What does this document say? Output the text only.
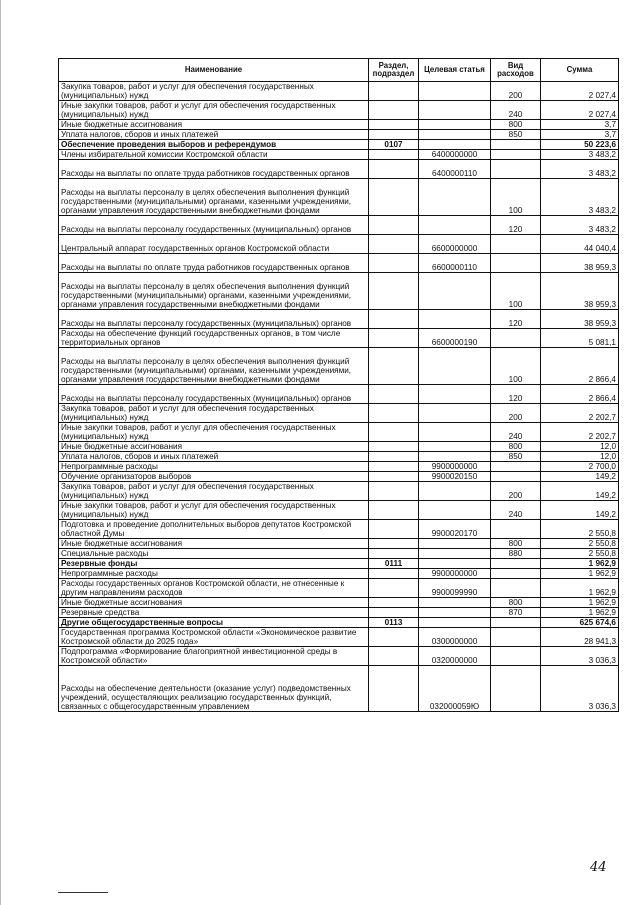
Наименование	Раздел, подраздел	Целевая статья	Вид расходов	Сумма
Закупка товаров, работ и услуг для обеспечения государственных (муниципальных) нужд			200	2 027,4
Иные закупки товаров, работ и услуг для обеспечения государственных (муниципальных) нужд			240	2 027,4
Иные бюджетные ассигнования			800	3,7
Уплата налогов, сборов и иных платежей			850	3,7
Обеспечение проведения выборов и референдумов	0107			50 223,6
Члены избирательной комиссии Костромской области		6400000000		3 483,2
Расходы на выплаты по оплате труда работников государственных органов		6400000110		3 483,2
Расходы на выплаты персоналу в целях обеспечения выполнения функций государственными (муниципальными) органами, казенными учреждениями, органами управления государственными внебюджетными фондами			100	3 483,2
Расходы на выплаты персоналу государственных (муниципальных) органов			120	3 483,2
Центральный аппарат государственных органов Костромской области		6600000000		44 040,4
Расходы на выплаты по оплате труда работников государственных органов		6600000110		38 959,3
Расходы на выплаты персоналу в целях обеспечения выполнения функций государственными (муниципальными) органами, казенными учреждениями, органами управления государственными внебюджетными фондами			100	38 959,3
Расходы на выплаты персоналу государственных (муниципальных) органов			120	38 959,3
Расходы на обеспечение функций государственных органов, в том числе территориальных органов		6600000190		5 081,1
Расходы на выплаты персоналу в целях обеспечения выполнения функций государственными (муниципальными) органами, казенными учреждениями, органами управления государственными внебюджетными фондами			100	2 866,4
Расходы на выплаты персоналу государственных (муниципальных) органов			120	2 866,4
Закупка товаров, работ и услуг для обеспечения государственных (муниципальных) нужд			200	2 202,7
Иные закупки товаров, работ и услуг для обеспечения государственных (муниципальных) нужд			240	2 202,7
Иные бюджетные ассигнования			800	12,0
Уплата налогов, сборов и иных платежей			850	12,0
Непрограммные расходы		9900000000		2 700,0
Обучение организаторов выборов		9900020150		149,2
Закупка товаров, работ и услуг для обеспечения государственных (муниципальных) нужд			200	149,2
Иные закупки товаров, работ и услуг для обеспечения государственных (муниципальных) нужд			240	149,2
Подготовка и проведение дополнительных выборов депутатов Костромской областной Думы		9900020170		2 550,8
Иные бюджетные ассигнования			800	2 550,8
Специальные расходы			880	2 550,8
Резервные фонды	0111			1 962,9
Непрограммные расходы		9900000000		1 962,9
Расходы государственных органов Костромской области, не отнесенные к другим направлениям расходов		9900099990		1 962,9
Иные бюджетные ассигнования			800	1 962,9
Резервные средства			870	1 962,9
Другие общегосударственные вопросы	0113			625 674,6
Государственная программа Костромской области «Экономическое развитие Костромской области до 2025 года»		0300000000		28 941,3
Подпрограмма «Формирование благоприятной инвестиционной среды в Костромской области»		0320000000		3 036,3
Расходы на обеспечение деятельности (оказание услуг) подведомственных учреждений, осуществляющих реализацию государственных функций, связанных с общегосударственным управлением		032000059Ю		3 036,3
44
